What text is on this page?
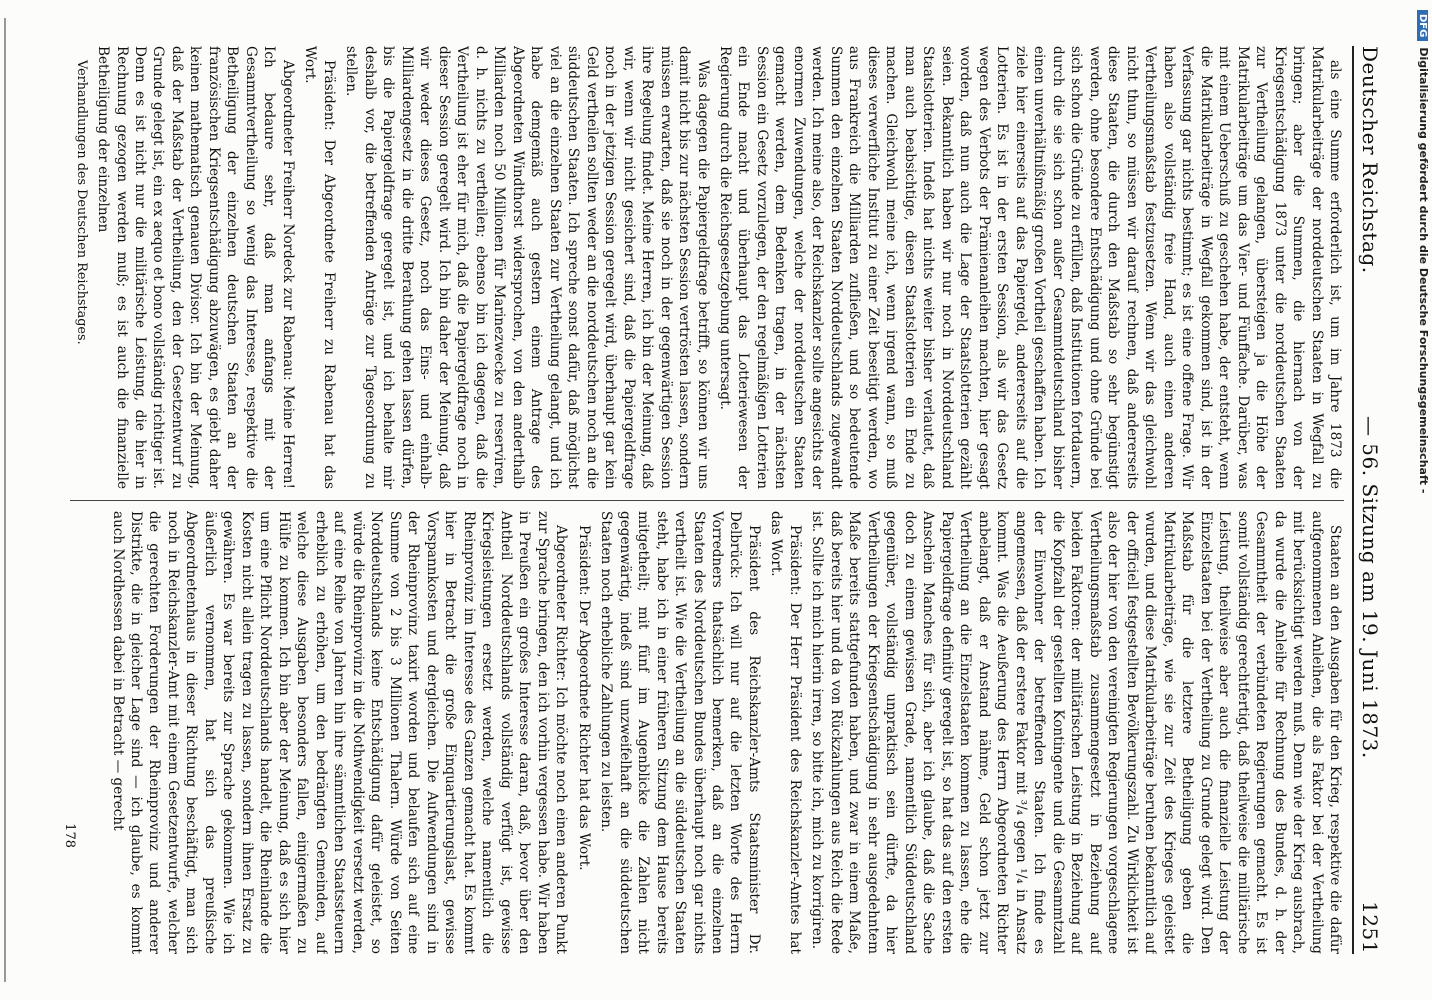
Deutscher Reichstag.
— 56. Sitzung am 19. Juni 1873.
1251

als eine Summe erforderlich ist, um im Jahre 1873 die Matrikularbeiträge der norddeutschen Staaten in Wegfall zu bringen; aber die Summen, die hiernach von der Kriegsentschädigung 1873 unter die norddeutschen Staaten zur Vertheilung gelangen, übersteigen ja die Höhe der Matrikularbeiträge um das Vier- und Fünffache. Darüber, was mit einem Ueberschuß zu geschehen habe, der entsteht, wenn die Matrikularbeiträge in Wegfall gekommen sind, ist in der Verfassung gar nichts bestimmt; es ist eine offene Frage. Wir haben also vollständig freie Hand, auch einen anderen Vertheilungsmaßstab festzusetzen. Wenn wir das gleichwohl nicht thun, so müssen wir darauf rechnen, daß andererseits diese Staaten, die durch den Maßstab so sehr begünstigt werden, ohne besondere Entschädigung und ohne Gründe bei sich schon die Gründe zu erfüllen, daß Institutionen fortdauern, durch die sie sich schon außer Gesammtdeutschland bisher einen unverhältnißmäßig großen Vortheil geschaffen haben. Ich ziele hier einerseits auf das Papiergeld, andererseits auf die Lotterien. Es ist in der ersten Session, als wir das Gesetz wegen des Verbots der Prämienanleihen machten, hier gesagt worden, daß nun auch die Lage der Staatslotterien gezählt seien. Bekanntlich haben wir nur noch in Norddeutschland Staatslotterien. Indeß hat nichts weiter bisher verlautet, daß man auch beabsichtige, diesen Staatslotterien ein Ende zu machen. Gleichwohl meine ich, wenn irgend wann, so muß dieses verwerfliche Institut zu einer Zeit beseitigt werden, wo aus Frankreich die Milliarden zufließen, und so bedeutende Summen den einzelnen Staaten Norddeutschlands zugewandt werden. Ich meine also, der Reichskanzler sollte angesichts der enormen Zuwendungen, welche der norddeutschen Staaten gemacht werden, dem Bedenken tragen, in der nächsten Session ein Gesetz vorzulegen, der den regelmäßigen Lotterien ein Ende macht und überhaupt das Lotteriewesen der Regierung durch die Reichsgesetzgebung untersagt.

Was dagegen die Papiergeldfrage betrifft, so können wir uns damit nicht bis zur nächsten Session vertrösten lassen, sondern müssen erwarten, daß sie noch in der gegenwärtigen Session ihre Regelung findet. Meine Herren, ich bin der Meinung, daß wir, wenn wir nicht gesichert sind, daß die Papiergeldfrage noch in der jetzigen Session geregelt wird, überhaupt gar kein Geld vertheilen sollten weder an die norddeutschen noch an die süddeutschen Staaten. Ich spreche sonst dafür, daß möglichst viel an die einzelnen Staaten zur Vertheilung gelangt, und ich habe demgemäß auch gestern einem Antrage des Abgeordneten Windthorst widersprochen, von den anderthalb Milliarden noch 50 Millionen für Marinezwecke zu reserviren, d. h. nichts zu vertheilen; ebenso bin ich dagegen, daß die Vertheilung ist eher für mich, daß die Papiergeldfrage noch in dieser Session geregelt wird. Ich bin daher der Meinung, daß wir weder dieses Gesetz, noch das Eins- und einhalb-Milliardengesetz in die dritte Berathung gehen lassen dürfen, bis die Papiergeldfrage geregelt ist, und ich behalte mir deshalb vor, die betreffenden Anträge zur Tagesordnung zu stellen.

Präsident: Der Abgeordnete Freiherr zu Rabenau hat das Wort.

Abgeordneter Freiherr Nordeck zur Rabenau: Meine Herren! Ich bedaure sehr, daß man anfangs mit der Gesammtvertheilung so wenig das Interesse, respektive die Betheiligung der einzelnen deutschen Staaten an der französischen Kriegsentschädigung abzuwägen, es giebt daher keinen mathematisch genauen Divisor. Ich bin der Meinung, daß der Maßstab der Vertheilung, den der Gesetzentwurf zu Grunde gelegt ist, ein ex aequo et bono vollständig richtiger ist. Denn es ist nicht nur die militärische Leistung, die hier in Rechnung gezogen werden muß; es ist auch die finanzielle Betheiligung der einzelnen

Verhandlungen des Deutschen Reichstages.

Staaten an den Ausgaben für den Krieg, respektive die dafür aufgenommenen Anleihen, die als Faktor bei der Vertheilung mit berücksichtigt werden muß. Denn wie der Krieg ausbrach, da wurde die Anleihe für Rechnung des Bundes, d. h. der Gesammtheit der verbündeten Regierungen gemacht. Es ist somit vollständig gerechtfertigt, daß theilweise die militärische Leistung, theilweise aber auch die finanzielle Leistung der Einzelstaaten bei der Vertheilung zu Grunde gelegt wird. Den Maßstab für die letztere Betheiligung geben die Matrikularbeiträge, wie sie zur Zeit des Krieges geleistet wurden, und diese Matrikularbeiträge beruhen bekanntlich auf der officiell festgestellten Bevölkerungszahl. Zu Wirklichkeit ist also der hier von den vereinigten Regierungen vorgeschlagene Vertheilungsmaßstab zusammengesetzt in Beziehung auf beiden Faktoren: der militärischen Leistung in Beziehung auf die Kopfzahl der gestellten Kontingente und die Gesammtzahl der Einwohner der betreffenden Staaten. Ich finde es angemessen, daß der erstere Faktor mit ³/₄ gegen ¹/₄ in Ansatz kommt. Was die Aeußerung des Herrn Abgeordneten Richter anbelangt, daß er Anstand nähme, Geld schon jetzt zur Vertheilung an die Einzelstaaten kommen zu lassen, ehe die Papiergeldfrage definitiv geregelt ist, so hat das auf den ersten Anschein Manches für sich, aber ich glaube, daß die Sache doch zu einem gewissen Grade, namentlich Süddeutschland gegenüber, vollständig unpraktisch sein dürfte, da hier Vertheilungen der Kriegsentschädigung in sehr ausgedehntem Maße bereits stattgefunden haben, und zwar in einem Maße, daß bereits hier und da von Rückzahlungen aus Reich die Rede ist. Sollte ich mich hierin irren, so bitte ich, mich zu korrigiren.

Präsident: Der Herr Präsident des Reichskanzler-Amtes hat das Wort.

Präsident des Reichskanzler-Amts Staatsminister Dr. Delbrück: Ich will nur auf die letzten Worte des Herrn Vorredners thatsächlich bemerken, daß an die einzelnen Staaten des Norddeutschen Bundes überhaupt noch gar nichts vertheilt ist. Wie die Vertheilung an die süddeutschen Staaten steht, habe ich in einer früheren Sitzung dem Hause bereits mitgetheilt; mit fünf im Augenblicke die Zahlen nicht gegenwärtig, indeß sind unzweifelhaft an die süddeutschen Staaten noch erhebliche Zahlungen zu leisten.

Präsident: Der Abgeordnete Richter hat das Wort.

Abgeordneter Richter: Ich möchte noch einen anderen Punkt zur Sprache bringen, den ich vorhin vergessen habe. Wir haben in Preußen ein großes Interesse daran, daß, bevor über den Antheil Norddeutschlands vollständig verfügt ist, gewisse Kriegsleistungen ersetzt werden, welche namentlich die Rheinprovinz im Interesse des Ganzen gemacht hat. Es kommt hier in Betracht die große Einquartierungslast, gewisse Vorspannkosten und dergleichen. Die Aufwendungen sind in der Rheinprovinz taxirt worden und belaufen sich auf eine Summe von 2 bis 3 Millionen Thalern. Würde von Seiten Norddeutschlands keine Entschädigung dafür geleistet, so würde die Rheinprovinz in die Nothwendigkeit versetzt werden, auf eine Reihe von Jahren hin ihre sämmtlichen Staatssteuern erheblich zu erhöhen, um den bedrängten Gemeinden, auf welche diese Ausgaben besonders fallen, einigermaßen zu Hülfe zu kommen. Ich bin aber der Meinung, daß es sich hier um eine Pflicht Norddeutschlands handelt, die Rheinlande die Kosten nicht allein tragen zu lassen, sondern ihnen Ersatz zu gewähren. Es war bereits zur Sprache gekommen. Wie ich äußerlich vernommen, hat sich das preußische Abgeordnetenhaus in dieser Richtung beschäftigt, man sich noch in Reichskanzler-Amt mit einem Gesetzentwurfe, welcher die gerechten Forderungen der Rheinprovinz und anderer Distrikte, die in gleicher Lage sind — ich glaube, es kommt auch Nordhessen dabei in Betracht — gerecht

178
DFGDigitalisierung gefördert durch die Deutsche Forschungsgemeinschaft -
